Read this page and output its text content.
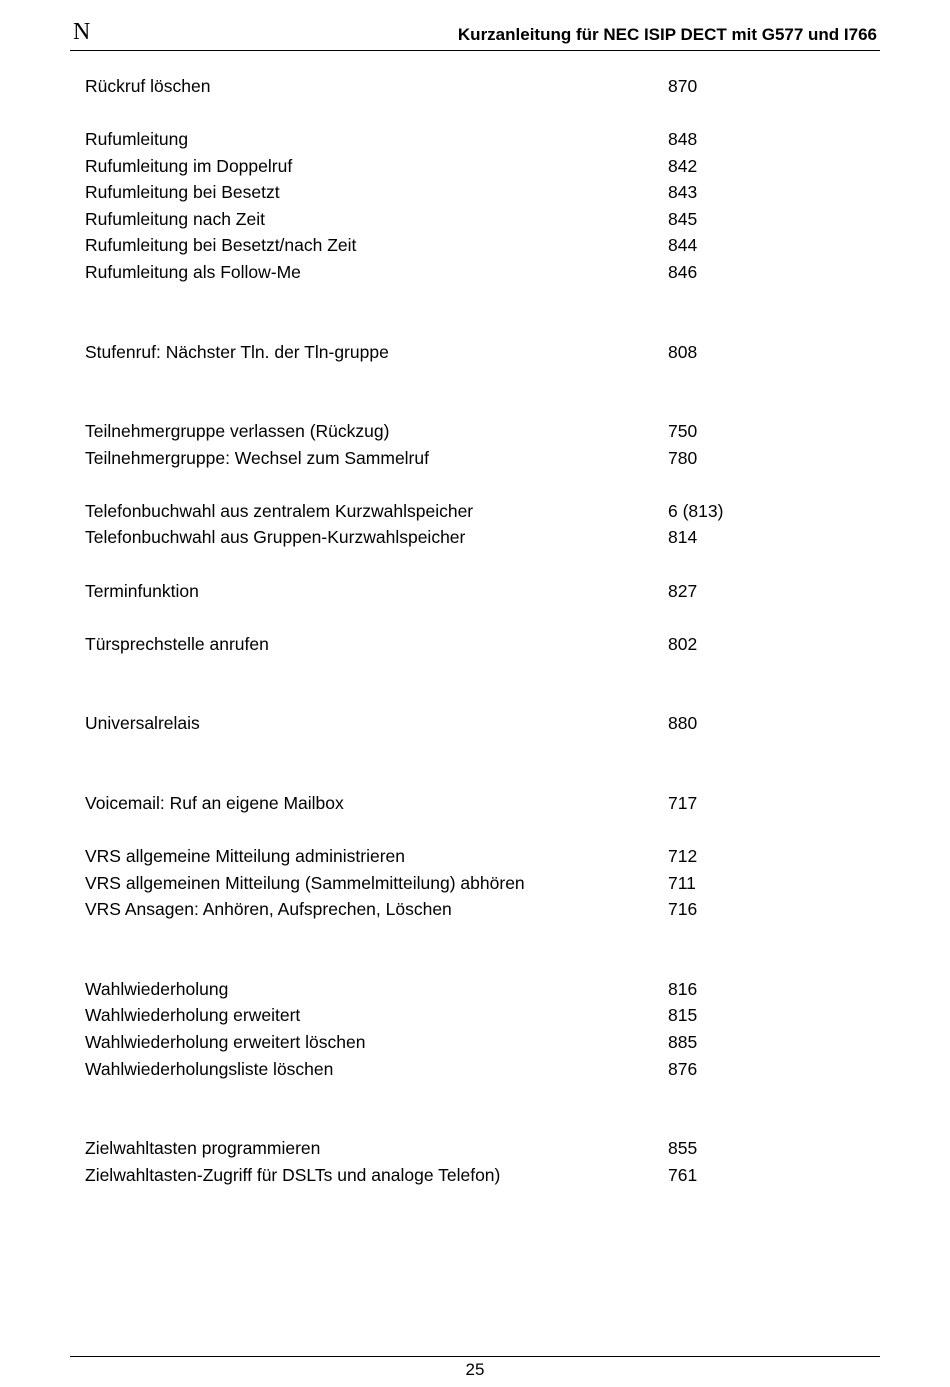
N	Kurzanleitung für NEC ISIP DECT mit G577 und I766
Rückruf löschen	870
Rufumleitung	848
Rufumleitung im Doppelruf	842
Rufumleitung bei Besetzt	843
Rufumleitung nach Zeit	845
Rufumleitung bei Besetzt/nach Zeit	844
Rufumleitung als Follow-Me	846
Stufenruf: Nächster Tln. der Tln-gruppe	808
Teilnehmergruppe verlassen (Rückzug)	750
Teilnehmergruppe: Wechsel zum Sammelruf	780
Telefonbuchwahl aus zentralem Kurzwahlspeicher	6 (813)
Telefonbuchwahl aus Gruppen-Kurzwahlspeicher	814
Terminfunktion	827
Türsprechstelle anrufen	802
Universalrelais	880
Voicemail: Ruf an eigene Mailbox	717
VRS allgemeine Mitteilung administrieren	712
VRS allgemeinen Mitteilung (Sammelmitteilung) abhören	711
VRS Ansagen: Anhören, Aufsprechen, Löschen	716
Wahlwiederholung	816
Wahlwiederholung erweitert	815
Wahlwiederholung erweitert löschen	885
Wahlwiederholungsliste löschen	876
Zielwahltasten programmieren	855
Zielwahltasten-Zugriff für DSLTs und analoge Telefon)	761
25
